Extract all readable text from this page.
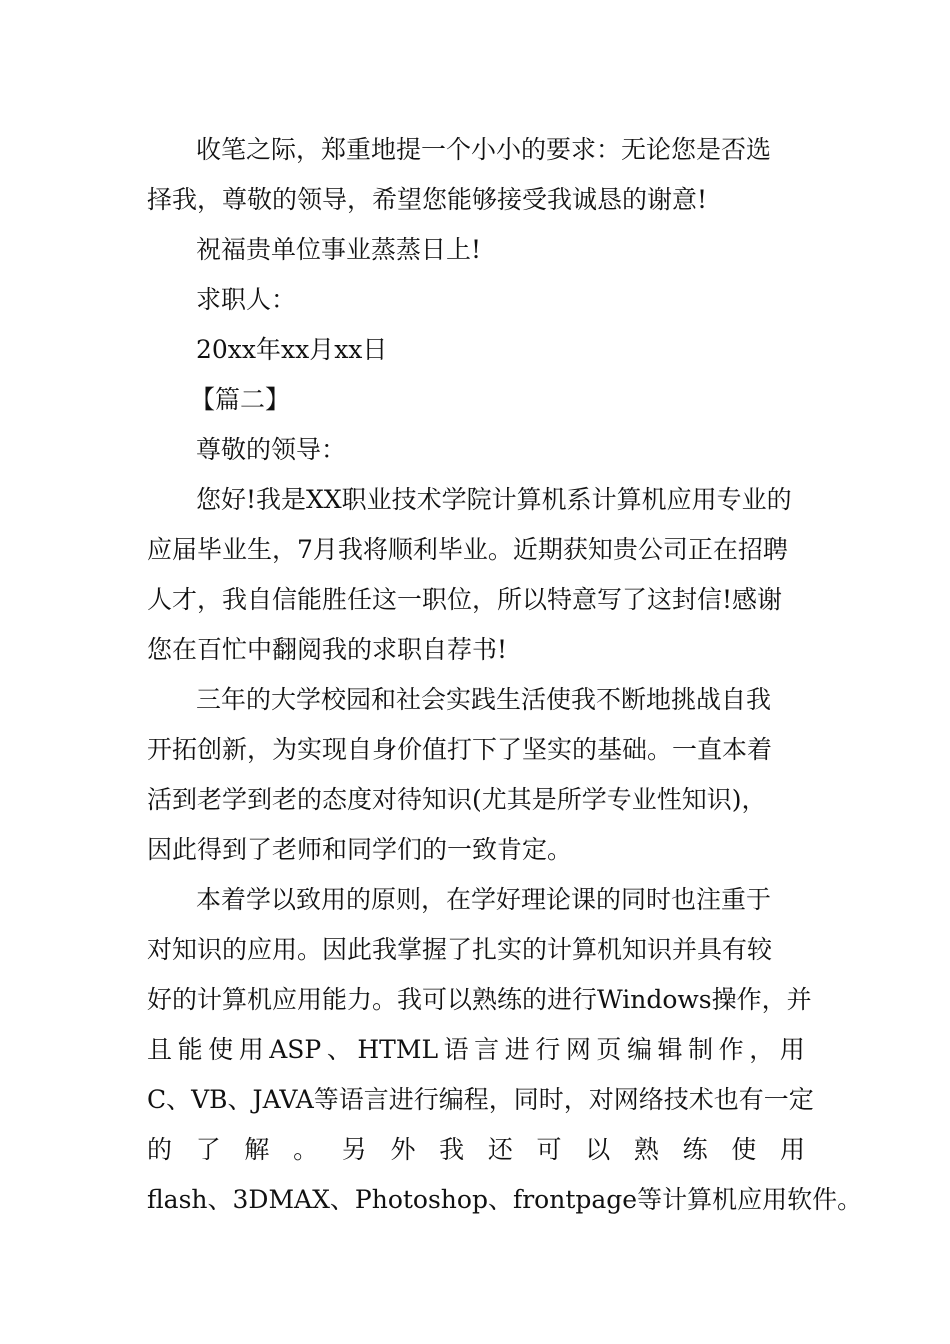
收笔之际，郑重地提一个小小的要求：无论您是否选

择我，尊敬的领导，希望您能够接受我诚恳的谢意!

祝福贵单位事业蒸蒸日上!

求职人：

20xx年xx月xx日

【篇二】

尊敬的领导：

您好!我是XX职业技术学院计算机系计算机应用专业的

应届毕业生，7月我将顺利毕业。近期获知贵公司正在招聘

人才，我自信能胜任这一职位，所以特意写了这封信!感谢

您在百忙中翻阅我的求职自荐书!

三年的大学校园和社会实践生活使我不断地挑战自我

开拓创新，为实现自身价值打下了坚实的基础。一直本着

活到老学到老的态度对待知识(尤其是所学专业性知识)，

因此得到了老师和同学们的一致肯定。

本着学以致用的原则，在学好理论课的同时也注重于

对知识的应用。因此我掌握了扎实的计算机知识并具有较

好的计算机应用能力。我可以熟练的进行Windows操作，并

且 能 使 用 ASP 、 HTML 语 言 进 行 网 页 编 辑 制 作 ， 用

C、VB、JAVA等语言进行编程，同时，对网络技术也有一定

的 了 解 。 另 外 我 还 可 以 熟 练 使 用

flash、3DMAX、Photoshop、frontpage等计算机应用软件。
